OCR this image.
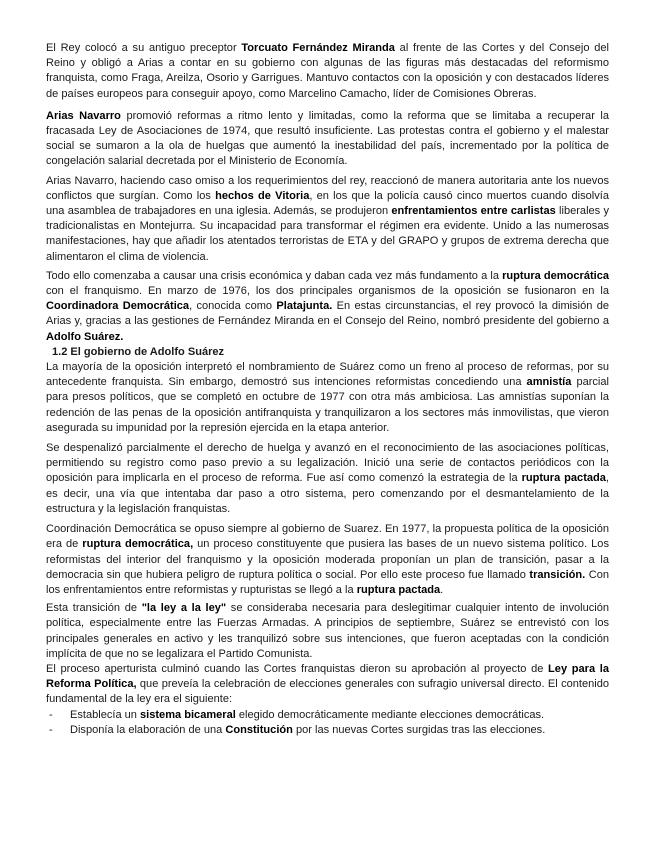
El Rey colocó a su antiguo preceptor Torcuato Fernández Miranda al frente de las Cortes y del Consejo del Reino y obligó a Arias a contar en su gobierno con algunas de las figuras más destacadas del reformismo franquista, como Fraga, Areilza, Osorio y Garrigues. Mantuvo contactos con la oposición y con destacados líderes de países europeos para conseguir apoyo, como Marcelino Camacho, líder de Comisiones Obreras.

Arias Navarro promovió reformas a ritmo lento y limitadas, como la reforma que se limitaba a recuperar la fracasada Ley de Asociaciones de 1974, que resultó insuficiente. Las protestas contra el gobierno y el malestar social se sumaron a la ola de huelgas que aumentó la inestabilidad del país, incrementado por la política de congelación salarial decretada por el Ministerio de Economía.

Arias Navarro, haciendo caso omiso a los requerimientos del rey, reaccionó de manera autoritaria ante los nuevos conflictos que surgían. Como los hechos de Vitoria, en los que la policía causó cinco muertos cuando disolvía una asamblea de trabajadores en una iglesia. Además, se produjeron enfrentamientos entre carlistas liberales y tradicionalistas en Montejurra. Su incapacidad para transformar el régimen era evidente. Unido a las numerosas manifestaciones, hay que añadir los atentados terroristas de ETA y del GRAPO y grupos de extrema derecha que alimentaron el clima de violencia.

Todo ello comenzaba a causar una crisis económica y daban cada vez más fundamento a la ruptura democrática con el franquismo. En marzo de 1976, los dos principales organismos de la oposición se fusionaron en la Coordinadora Democrática, conocida como Platajunta. En estas circunstancias, el rey provocó la dimisión de Arias y, gracias a las gestiones de Fernández Miranda en el Consejo del Reino, nombró presidente del gobierno a Adolfo Suárez.

1.2 El gobierno de Adolfo Suárez

La mayoría de la oposición interpretó el nombramiento de Suárez como un freno al proceso de reformas, por su antecedente franquista. Sin embargo, demostró sus intenciones reformistas concediendo una amnistía parcial para presos políticos, que se completó en octubre de 1977 con otra más ambiciosa. Las amnistías suponían la redención de las penas de la oposición antifranquista y tranquilizaron a los sectores más inmovilistas, que vieron asegurada su impunidad por la represión ejercida en la etapa anterior.

Se despenalizó parcialmente el derecho de huelga y avanzó en el reconocimiento de las asociaciones políticas, permitiendo su registro como paso previo a su legalización. Inició una serie de contactos periódicos con la oposición para implicarla en el proceso de reforma. Fue así como comenzó la estrategia de la ruptura pactada, es decir, una vía que intentaba dar paso a otro sistema, pero comenzando por el desmantelamiento de la estructura y la legislación franquistas.

Coordinación Democrática se opuso siempre al gobierno de Suarez. En 1977, la propuesta política de la oposición era de ruptura democrática, un proceso constituyente que pusiera las bases de un nuevo sistema político. Los reformistas del interior del franquismo y la oposición moderada proponían un plan de transición, pasar a la democracia sin que hubiera peligro de ruptura política o social. Por ello este proceso fue llamado transición. Con los enfrentamientos entre reformistas y rupturistas se llegó a la ruptura pactada.

Esta transición de "la ley a la ley" se consideraba necesaria para deslegitimar cualquier intento de involución política, especialmente entre las Fuerzas Armadas. A principios de septiembre, Suárez se entrevistó con los principales generales en activo y les tranquilizó sobre sus intenciones, que fueron aceptadas con la condición implícita de que no se legalizara el Partido Comunista.

El proceso aperturista culminó cuando las Cortes franquistas dieron su aprobación al proyecto de Ley para la Reforma Política, que preveía la celebración de elecciones generales con sufragio universal directo. El contenido fundamental de la ley era el siguiente:

- Establecía un sistema bicameral elegido democráticamente mediante elecciones democráticas.
- Disponía la elaboración de una Constitución por las nuevas Cortes surgidas tras las elecciones.
